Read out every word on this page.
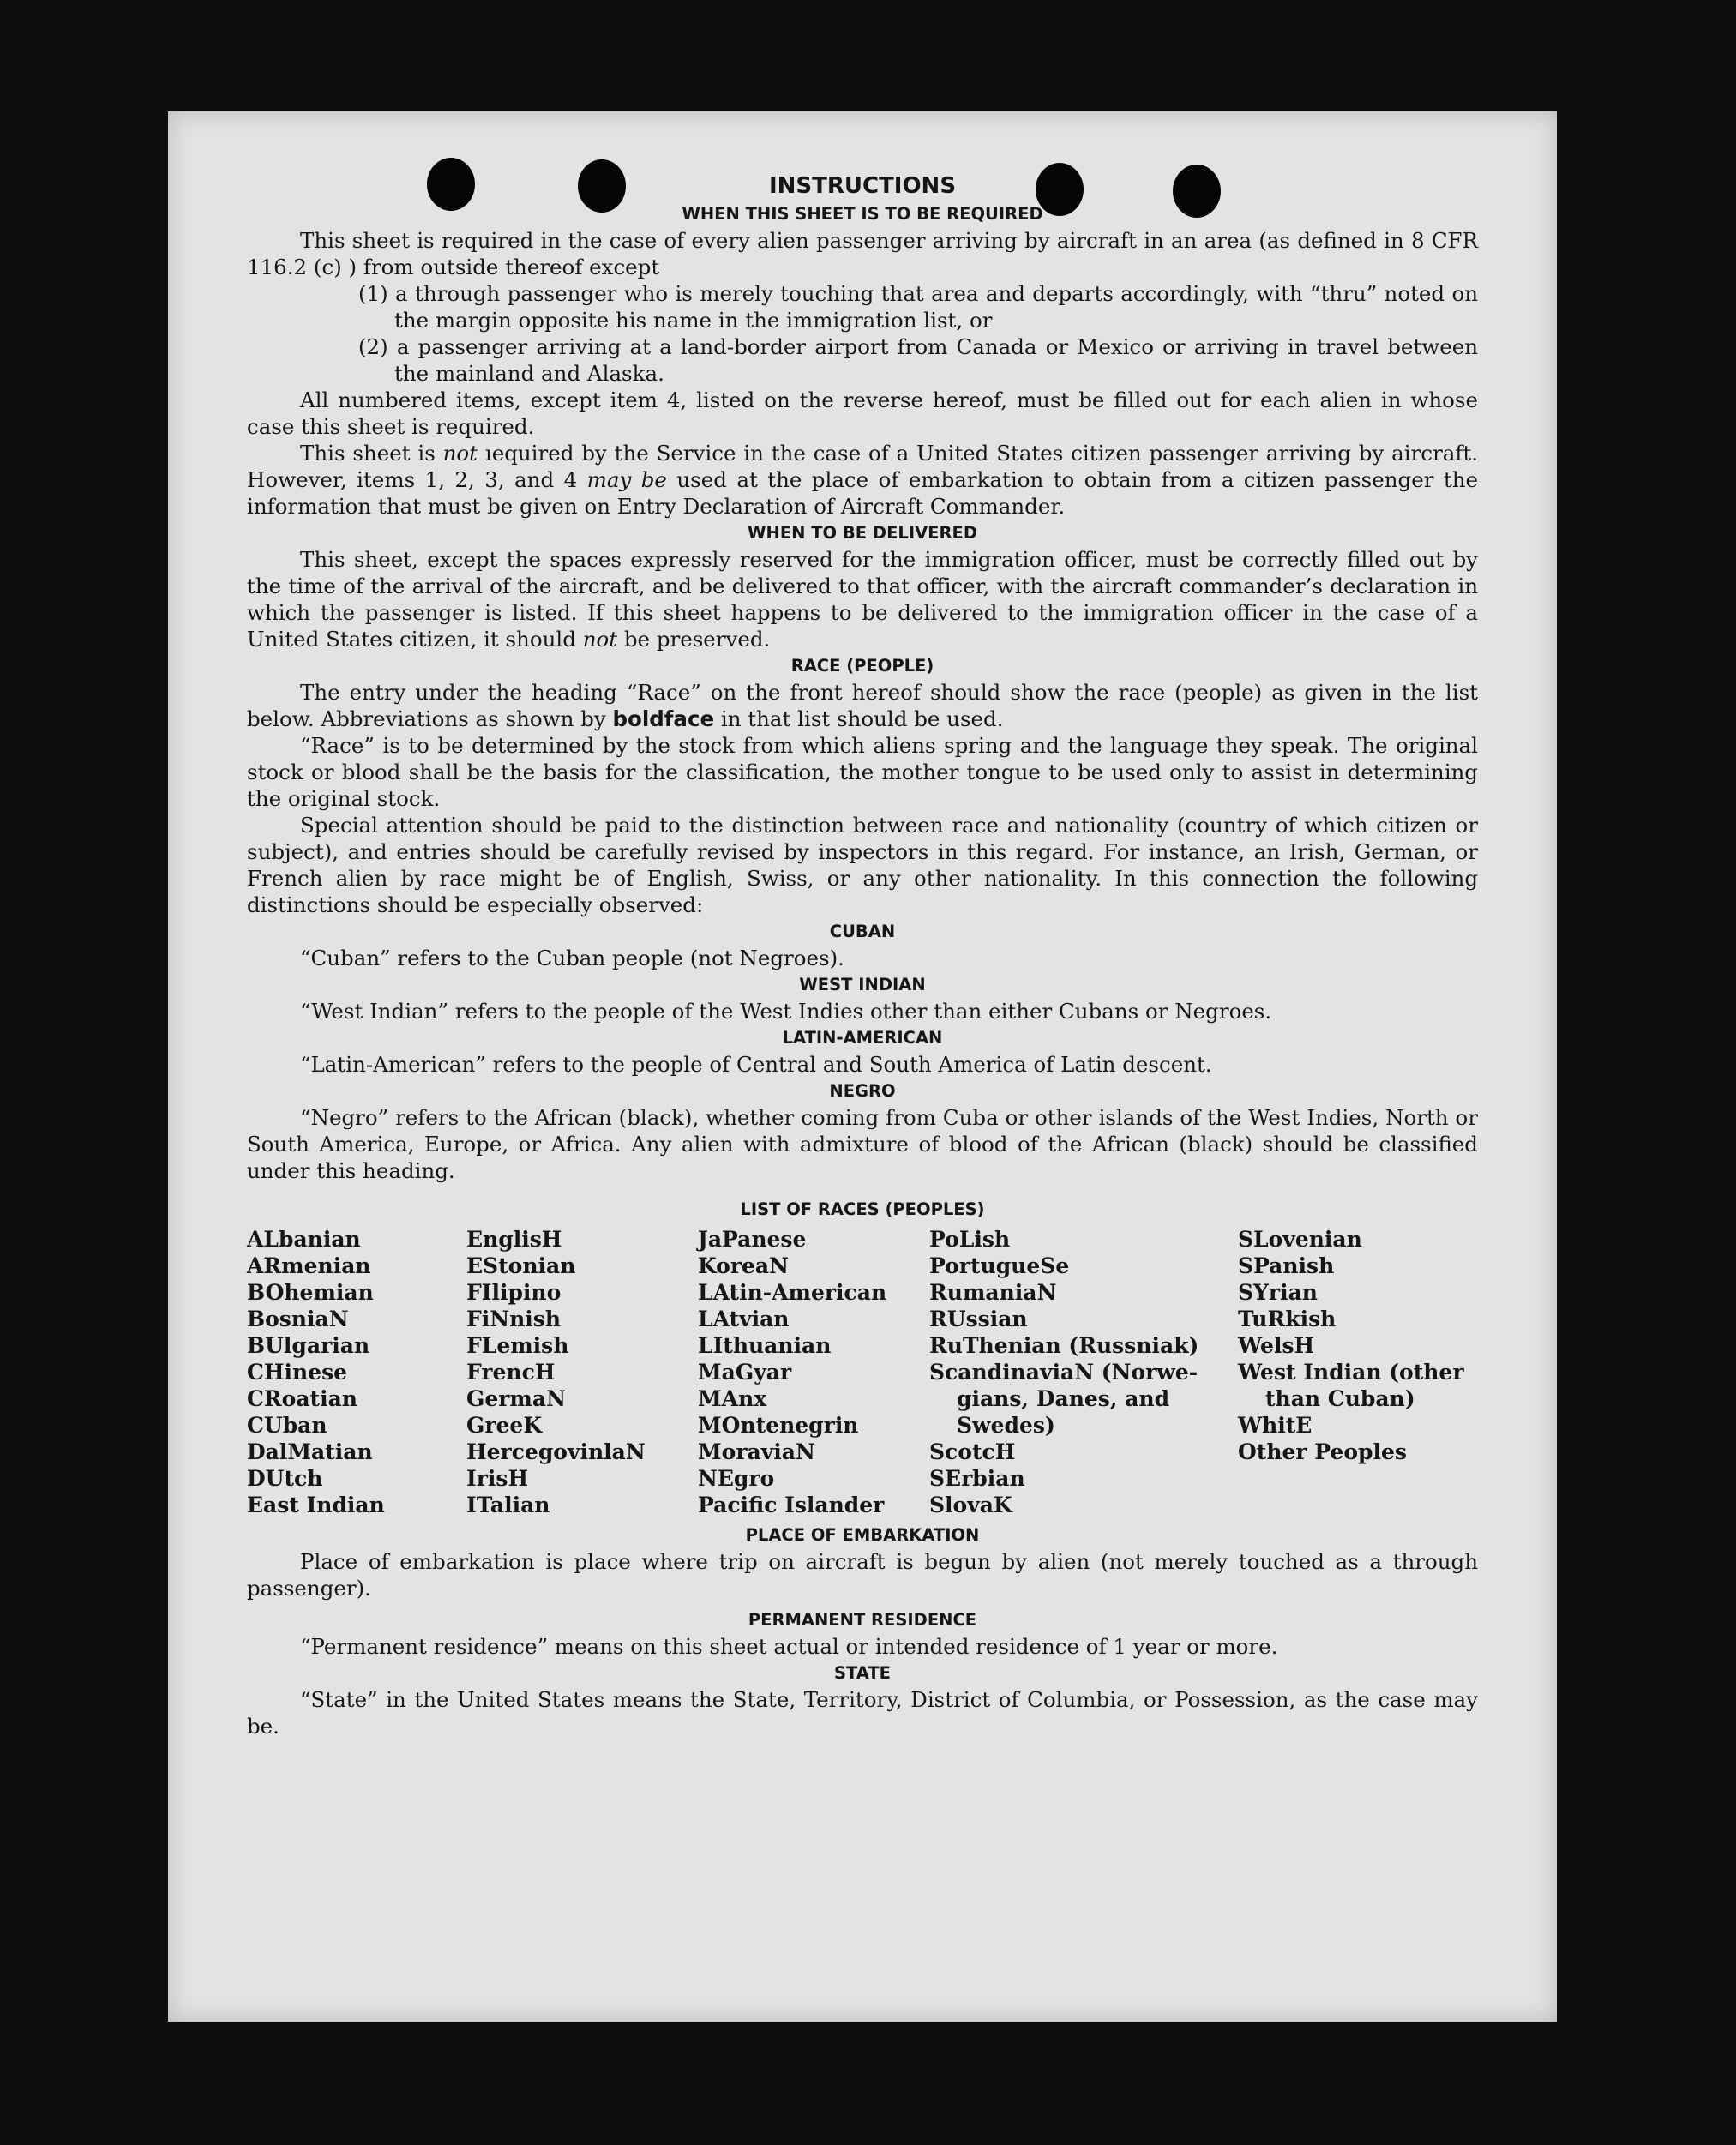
INSTRUCTIONS
WHEN THIS SHEET IS TO BE REQUIRED

This sheet is required in the case of every alien passenger arriving by aircraft in an area (as defined in 8 CFR 116.2 (c) ) from outside thereof except

(1) a through passenger who is merely touching that area and departs accordingly, with “thru” noted on the margin opposite his name in the immigration list, or

(2) a passenger arriving at a land-border airport from Canada or Mexico or arriving in travel between the mainland and Alaska.

All numbered items, except item 4, listed on the reverse hereof, must be filled out for each alien in whose case this sheet is required.

This sheet is not ıequired by the Service in the case of a United States citizen passenger arriving by aircraft. However, items 1, 2, 3, and 4 may be used at the place of embarkation to obtain from a citizen passenger the information that must be given on Entry Declaration of Aircraft Commander.

WHEN TO BE DELIVERED

This sheet, except the spaces expressly reserved for the immigration officer, must be correctly filled out by the time of the arrival of the aircraft, and be delivered to that officer, with the aircraft commander’s declaration in which the passenger is listed. If this sheet happens to be delivered to the immigration officer in the case of a United States citizen, it should not be preserved.

RACE (PEOPLE)

The entry under the heading “Race” on the front hereof should show the race (people) as given in the list below. Abbreviations as shown by boldface in that list should be used.

“Race” is to be determined by the stock from which aliens spring and the language they speak. The original stock or blood shall be the basis for the classification, the mother tongue to be used only to assist in determining the original stock.

Special attention should be paid to the distinction between race and nationality (country of which citizen or subject), and entries should be carefully revised by inspectors in this regard. For instance, an Irish, German, or French alien by race might be of English, Swiss, or any other nationality. In this connection the following distinctions should be especially observed:

CUBAN

“Cuban” refers to the Cuban people (not Negroes).

WEST INDIAN

“West Indian” refers to the people of the West Indies other than either Cubans or Negroes.

LATIN-AMERICAN

“Latin-American” refers to the people of Central and South America of Latin descent.

NEGRO

“Negro” refers to the African (black), whether coming from Cuba or other islands of the West Indies, North or South America, Europe, or Africa. Any alien with admixture of blood of the African (black) should be classified under this heading.

LIST OF RACES (PEOPLES)
ALbanian
ARmenian
BOhemian
BosniaN
BUlgarian
CHinese
CRoatian
CUban
DalMatian
DUtch
East Indian
EnglisH
EStonian
FIlipino
FiNnish
FLemish
FrencH
GermaN
GreeK
HercegovinlaN
IrisH
ITalian
JaPanese
KoreaN
LAtin-American
LAtvian
LIthuanian
MaGyar
MAnx
MOntenegrin
MoraviaN
NEgro
Pacific Islander
PoLish
PortugueSe
RumaniaN
RUssian
RuThenian (Russniak)
ScandinaviaN (Norwe-
gians, Danes, and
Swedes)
ScotcH
SErbian
SlovaK
SLovenian
SPanish
SYrian
TuRkish
WelsH
West Indian (other
than Cuban)
WhitE
Other Peoples
PLACE OF EMBARKATION

Place of embarkation is place where trip on aircraft is begun by alien (not merely touched as a through passenger).

PERMANENT RESIDENCE

“Permanent residence” means on this sheet actual or intended residence of 1 year or more.

STATE

“State” in the United States means the State, Territory, District of Columbia, or Possession, as the case may be.
